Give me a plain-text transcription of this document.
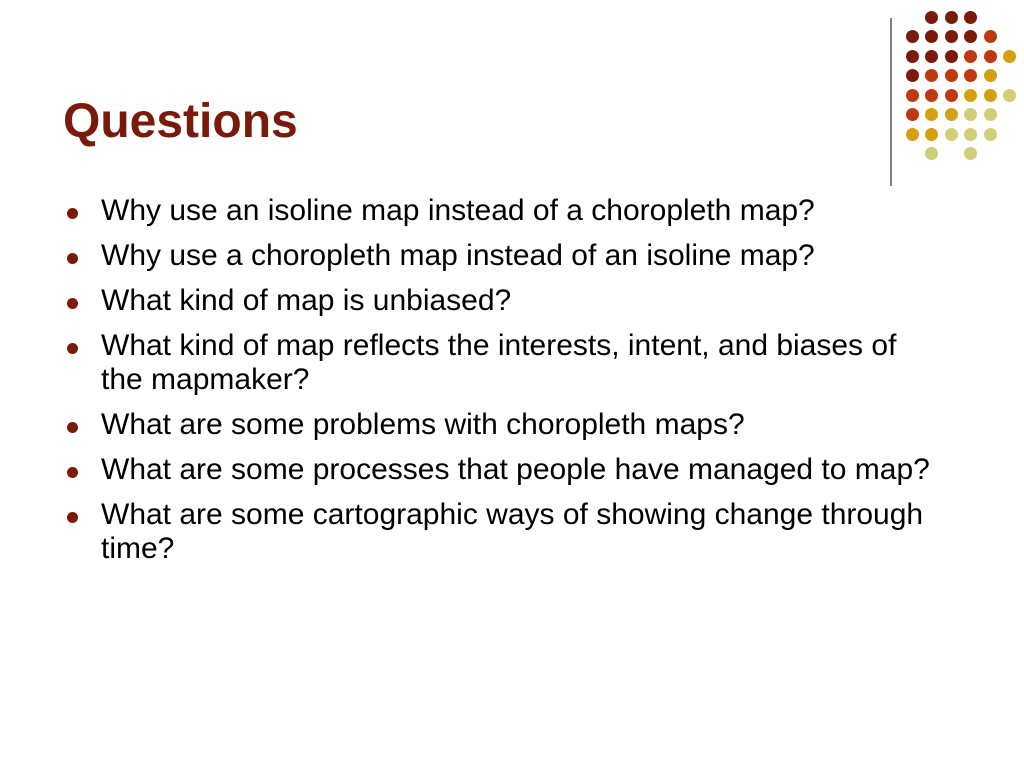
Questions
Why use an isoline map instead of a choropleth map?
Why use a choropleth map instead of an isoline map?
What kind of map is unbiased?
What kind of map reflects the interests, intent, and biases of the mapmaker?
What are some problems with choropleth maps?
What are some processes that people have managed to map?
What are some cartographic ways of showing change through time?
